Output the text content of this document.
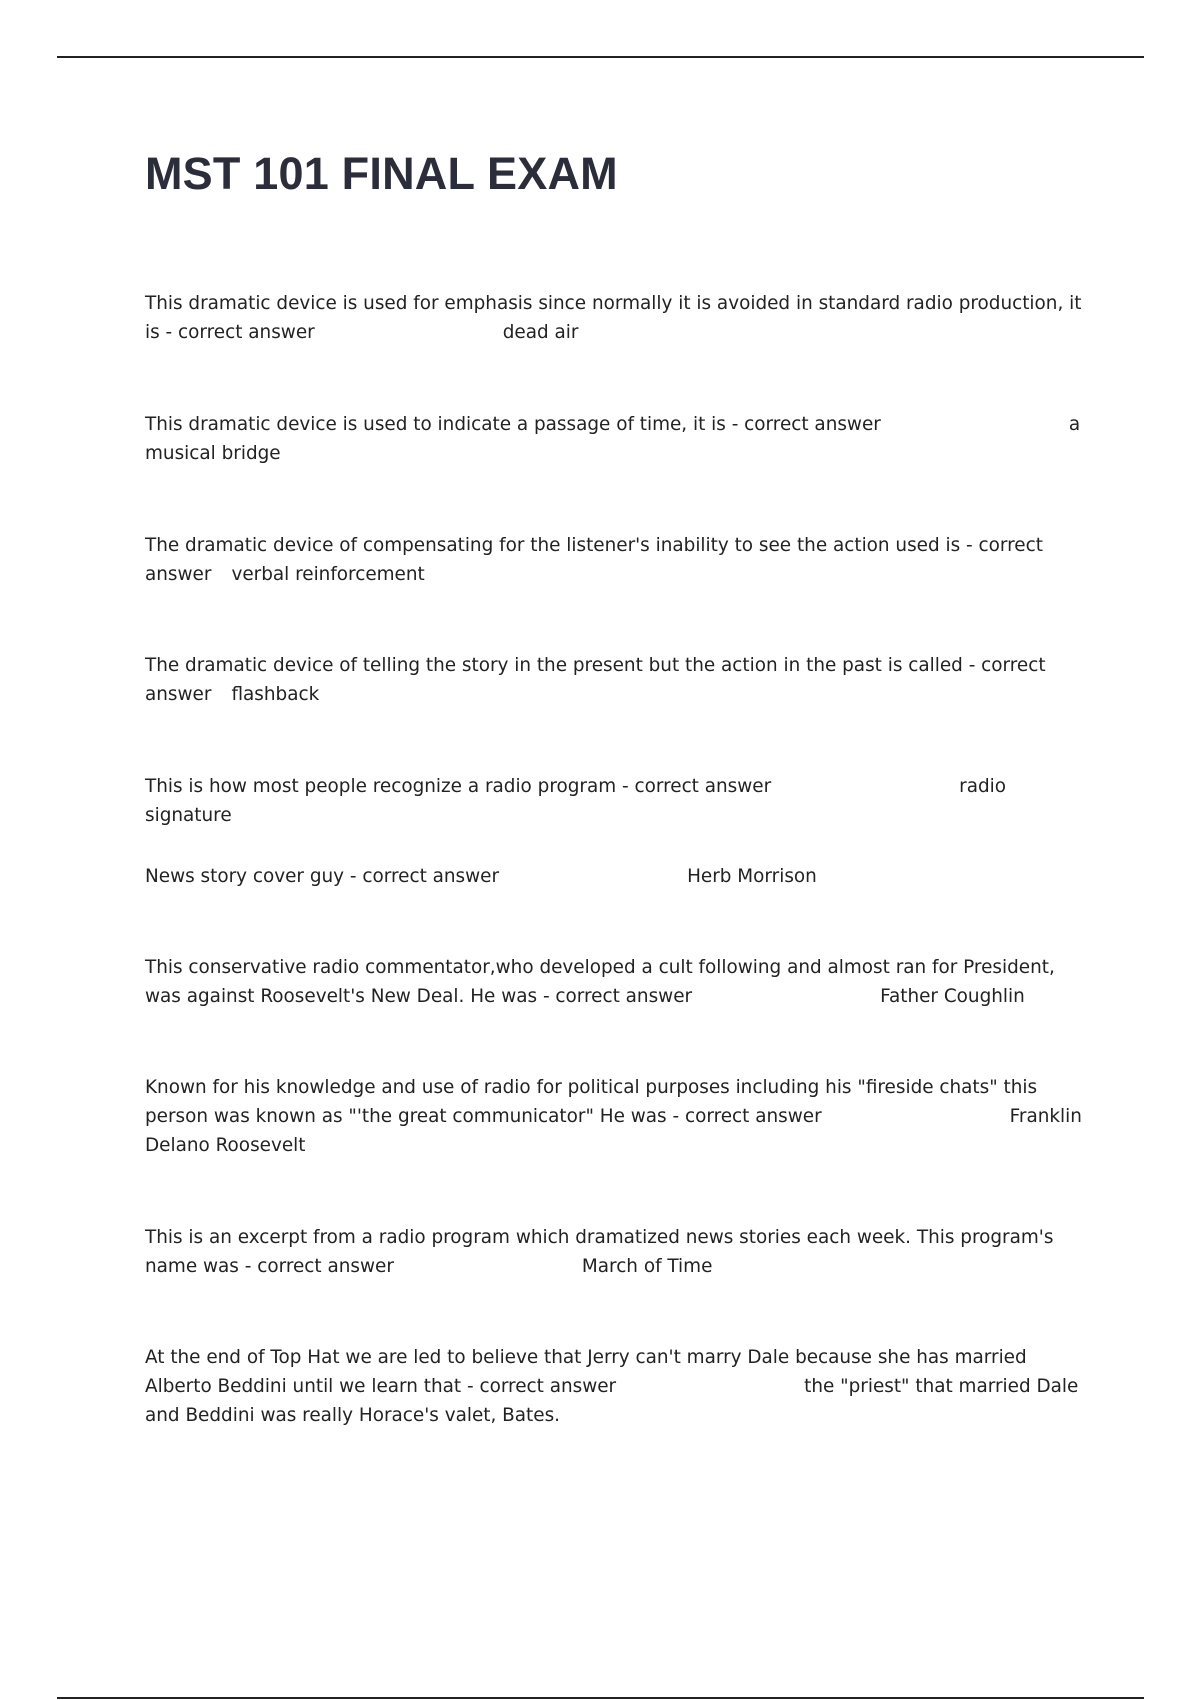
MST 101 FINAL EXAM

This dramatic device is used for emphasis since normally it is avoided in standard radio production, it is - correct answer	dead air

This dramatic device is used to indicate a passage of time, it is - correct answer	a musical bridge

The dramatic device of compensating for the listener's inability to see the action used is - correct answer verbal reinforcement

The dramatic device of telling the story in the present but the action in the past is called - correct answer flashback

This is how most people recognize a radio program - correct answer	radio signature

News story cover guy - correct answer	Herb Morrison

This conservative radio commentator,who developed a cult following and almost ran for President, was against Roosevelt's New Deal. He was - correct answer	Father Coughlin

Known for his knowledge and use of radio for political purposes including his "fireside chats" this person was known as "'the great communicator" He was - correct answer	Franklin Delano Roosevelt

This is an excerpt from a radio program which dramatized news stories each week. This program's name was - correct answer	March of Time

At the end of Top Hat we are led to believe that Jerry can't marry Dale because she has married Alberto Beddini until we learn that - correct answer	the "priest" that married Dale and Beddini was really Horace's valet, Bates.
